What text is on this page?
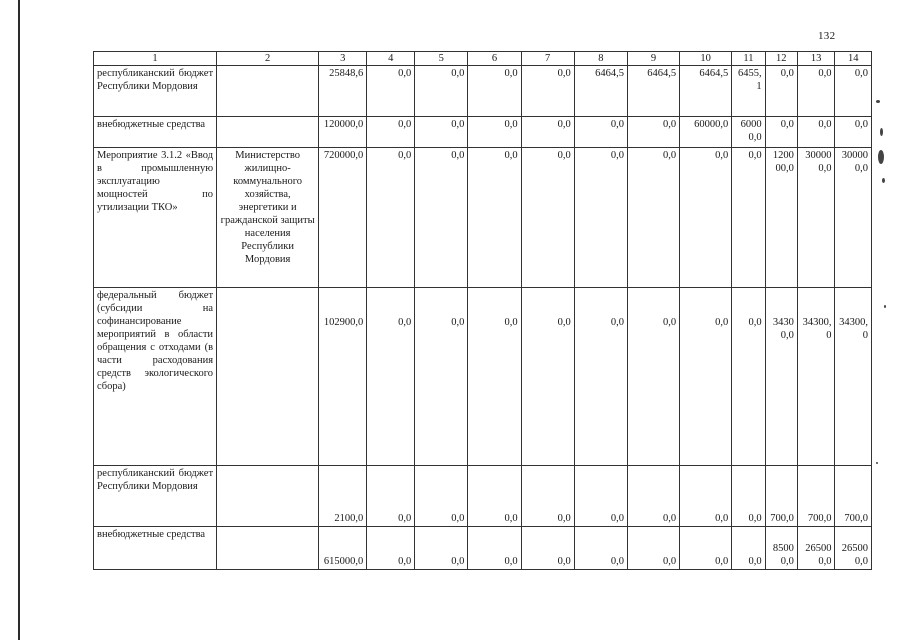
132
1	2	3	4	5	6	7	8	9	10	11	12	13	14
республиканский бюджет Республики Мордовия		25848,6	0,0	0,0	0,0	0,0	6464,5	6464,5	6464,5	6455,1	0,0	0,0	0,0
внебюджетные средства		120000,0	0,0	0,0	0,0	0,0	0,0	0,0	60000,0	6000 0,0	0,0	0,0	0,0
Мероприятие 3.1.2 «Ввод в промышленную эксплуатацию мощностей по утилизации ТКО»	Министерство жилищно-коммунального хозяйства, энергетики и гражданской защиты населения Республики Мордовия	720000,0	0,0	0,0	0,0	0,0	0,0	0,0	0,0	0,0	120000,0	300000,0	300000,0
федеральный бюджет (субсидии на софинансирование мероприятий в области обращения с отходами (в части расходования средств экологического сбора)		102900,0	0,0	0,0	0,0	0,0	0,0	0,0	0,0	0,0	34300,0	34300,0	34300,0
республиканский бюджет Республики Мордовия		2100,0	0,0	0,0	0,0	0,0	0,0	0,0	0,0	0,0	700,0	700,0	700,0
внебюджетные средства		615000,0	0,0	0,0	0,0	0,0	0,0	0,0	0,0	0,0	85000,0	265000,0	265000,0
